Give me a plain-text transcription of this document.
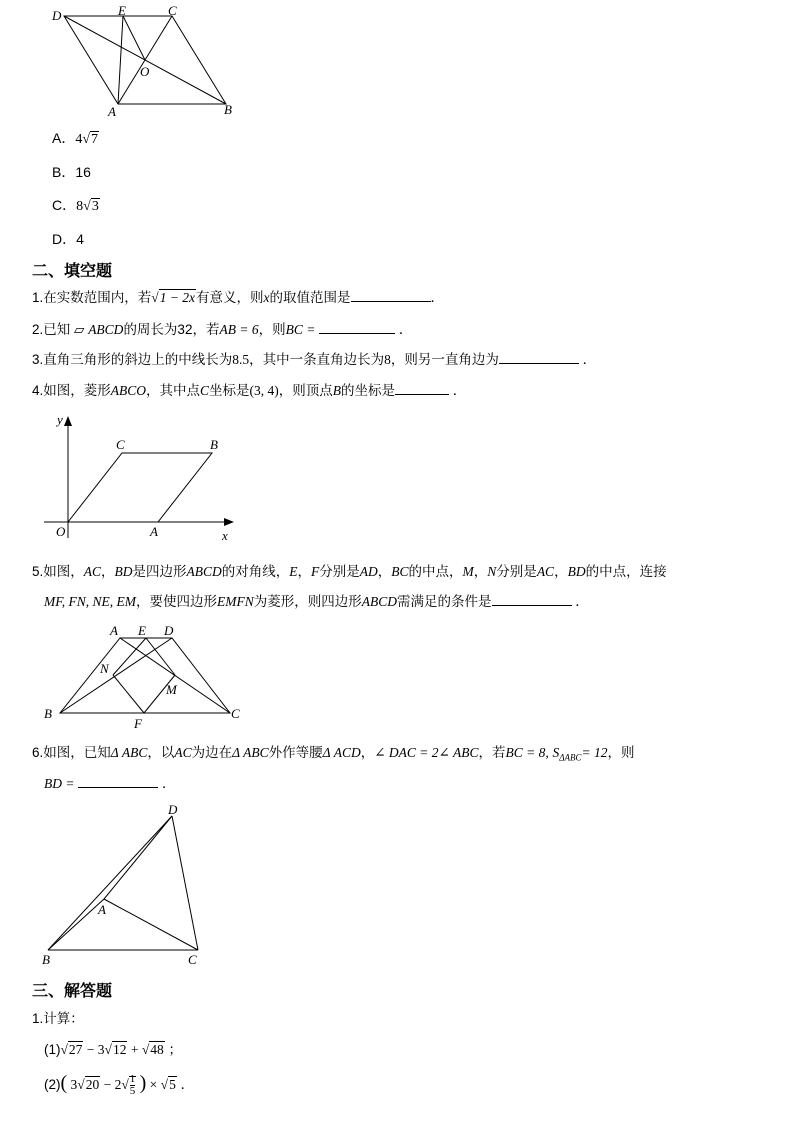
D	E	C
O
A	B
A．4√7
B．16
C．8√3
D．4
二、填空题
1.在实数范围内，若√1 − 2x有意义，则x的取值范围是	．
2.已知 ▱ ABCD的周长为32，若AB = 6，则BC =	．
3.直角三角形的斜边上的中线长为8.5，其中一条直角边长为8，则另一直角边为	．
4.如图，菱形ABCO，其中点C坐标是(3, 4)，则顶点B的坐标是	．
y
x
O	A
B
C
5.如图，AC，BD是四边形ABCD的对角线，E，F分别是AD，BC的中点，M，N分别是AC，BD的中点，连接
MF, FN, NE, EM，要使四边形EMFN为菱形，则四边形ABCD需满足的条件是	．
A E D
N
M
B
F
C
6.如图，已知Δ ABC，以AC为边在Δ ABC外作等腰Δ ACD，∠ DAC = 2∠ ABC，若BC = 8, $S_{\Delta ABC}= 12$，则
BD =	．
D
A
B	C
三、解答题
1.计算：
(1)√27 − 3√12 + √48 ；
(2)( $3√20 - 2√ \frac{1}{5}$ ) × √5 ．
